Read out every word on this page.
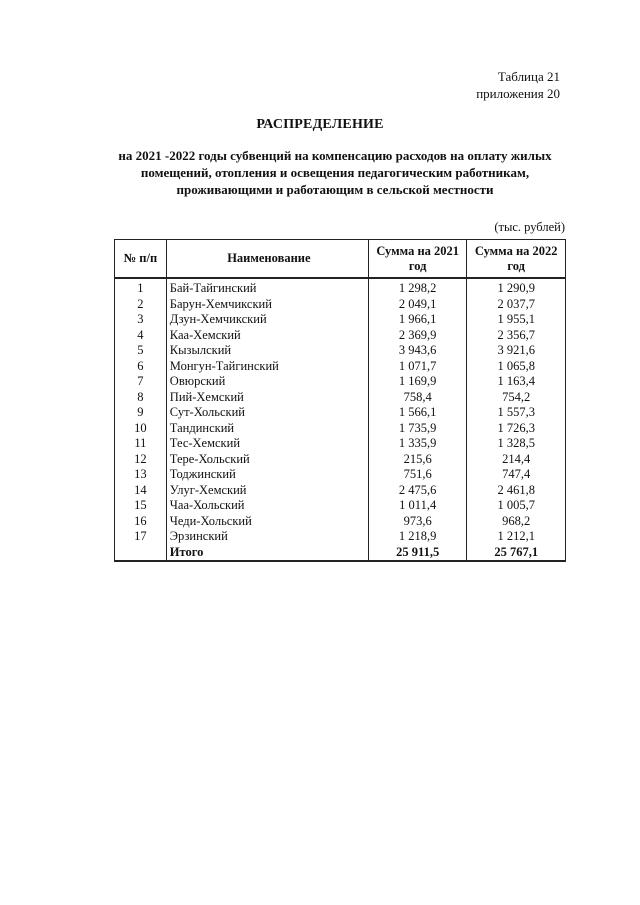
Таблица 21
приложения 20
РАСПРЕДЕЛЕНИЕ
на 2021 -2022 годы субвенций на компенсацию расходов на оплату жилых помещений, отопления и освещения педагогическим работникам, проживающими и работающим в сельской местности
(тыс. рублей)
№ п/п	Наименование	Сумма на 2021 год	Сумма на 2022 год
1	Бай-Тайгинский	1 298,2	1 290,9
2	Барун-Хемчикский	2 049,1	2 037,7
3	Дзун-Хемчикский	1 966,1	1 955,1
4	Каа-Хемский	2 369,9	2 356,7
5	Кызылский	3 943,6	3 921,6
6	Монгун-Тайгинский	1 071,7	1 065,8
7	Овюрский	1 169,9	1 163,4
8	Пий-Хемский	758,4	754,2
9	Сут-Хольский	1 566,1	1 557,3
10	Тандинский	1 735,9	1 726,3
11	Тес-Хемский	1 335,9	1 328,5
12	Тере-Хольский	215,6	214,4
13	Тоджинский	751,6	747,4
14	Улуг-Хемский	2 475,6	2 461,8
15	Чаа-Хольский	1 011,4	1 005,7
16	Чеди-Хольский	973,6	968,2
17	Эрзинский	1 218,9	1 212,1
	Итого	25 911,5	25 767,1
